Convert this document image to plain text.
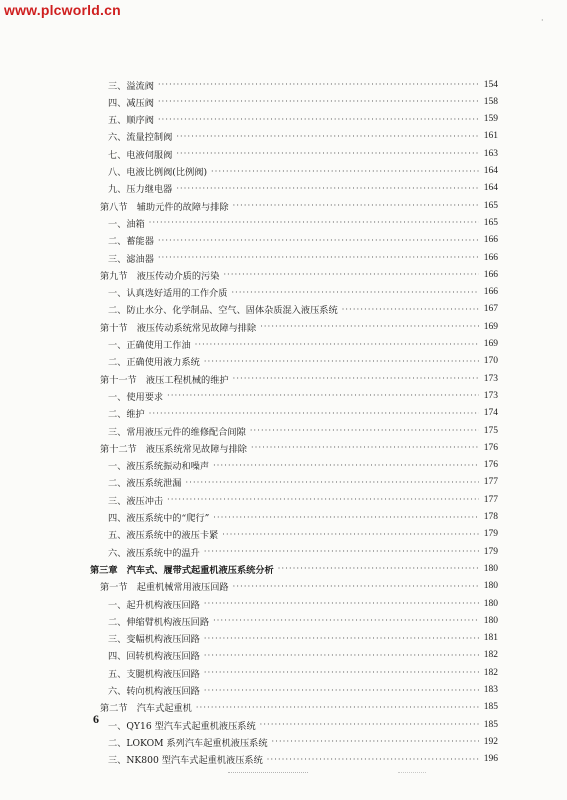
www.plcworld.cn
·
三、溢流阀 ·····	154
四、减压阀 ·····	158
五、顺序阀 ·····	159
六、流量控制阀 ·····	161
七、电液伺服阀 ·····	163
八、电液比例阀(比例阀) ·····	164
九、压力继电器 ·····	164
第八节　辅助元件的故障与排除 ·····	165
一、油箱 ·····	165
二、蓄能器 ·····	166
三、滤油器 ·····	166
第九节　液压传动介质的污染 ·····	166
一、认真选好适用的工作介质 ·····	166
二、防止水分、化学制品、空气、固体杂质混入液压系统 ·····	167
第十节　液压传动系统常见故障与排除 ·····	169
一、正确使用工作油 ·····	169
二、正确使用液力系统 ·····	170
第十一节　液压工程机械的维护 ·····	173
一、使用要求 ·····	173
二、维护 ·····	174
三、常用液压元件的维修配合间隙 ·····	175
第十二节　液压系统常见故障与排除 ·····	176
一、液压系统振动和噪声 ·····	176
二、液压系统泄漏 ·····	177
三、液压冲击 ·····	177
四、液压系统中的“爬行” ·····	178
五、液压系统中的液压卡紧 ·····	179
六、液压系统中的温升 ·····	179
第三章　汽车式、履带式起重机液压系统分析 ·····	180
第一节　起重机械常用液压回路 ·····	180
一、起升机构液压回路 ·····	180
二、伸缩臂机构液压回路 ·····	180
三、变幅机构液压回路 ·····	181
四、回转机构液压回路 ·····	182
五、支腿机构液压回路 ·····	182
六、转向机构液压回路 ·····	183
第二节　汽车式起重机 ·····	185
一、QY16 型汽车式起重机液压系统 ·····	185
二、LOKOM 系列汽车起重机液压系统 ·····	192
三、NK800 型汽车式起重机液压系统 ·····	196
6
